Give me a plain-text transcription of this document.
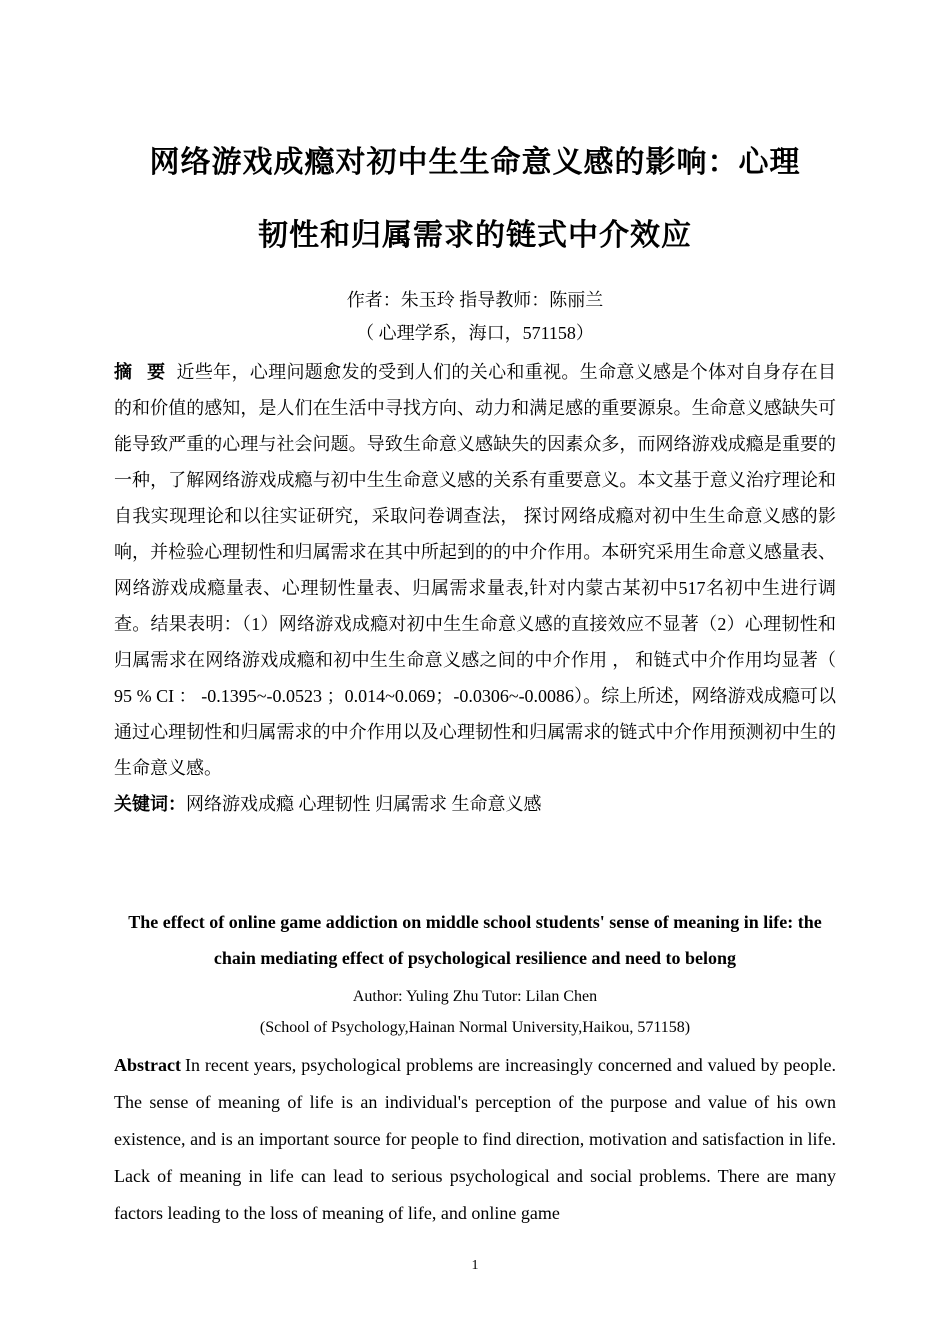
网络游戏成瘾对初中生生命意义感的影响：心理
韧性和归属需求的链式中介效应
作者：朱玉玲 指导教师：陈丽兰
（ 心理学系，海口，571158）

摘 要 近些年，心理问题愈发的受到人们的关心和重视。生命意义感是个体对自身存在目的和价值的感知，是人们在生活中寻找方向、动力和满足感的重要源泉。生命意义感缺失可能导致严重的心理与社会问题。导致生命意义感缺失的因素众多，而网络游戏成瘾是重要的一种，了解网络游戏成瘾与初中生生命意义感的关系有重要意义。本文基于意义治疗理论和自我实现理论和以往实证研究，采取问卷调查法， 探讨网络成瘾对初中生生命意义感的影响，并检验心理韧性和归属需求在其中所起到的的中介作用。本研究采用生命意义感量表、网络游戏成瘾量表、心理韧性量表、归属需求量表,针对内蒙古某初中517名初中生进行调查。结果表明：（1）网络游戏成瘾对初中生生命意义感的直接效应不显著（2）心理韧性和归属需求在网络游戏成瘾和初中生生命意义感之间的中介作用 ， 和链式中介作用均显著（ 95 % CI ： -0.1395~-0.0523 ；0.014~0.069；-0.0306~-0.0086）。综上所述，网络游戏成瘾可以通过心理韧性和归属需求的中介作用以及心理韧性和归属需求的链式中介作用预测初中生的生命意义感。

关键词：网络游戏成瘾 心理韧性 归属需求 生命意义感

The effect of online game addiction on middle school students' sense of meaning in life: the chain mediating effect of psychological resilience and need to belong
Author: Yuling Zhu Tutor: Lilan Chen
(School of Psychology,Hainan Normal University,Haikou, 571158)

Abstract In recent years, psychological problems are increasingly concerned and valued by people. The sense of meaning of life is an individual's perception of the purpose and value of his own existence, and is an important source for people to find direction, motivation and satisfaction in life. Lack of meaning in life can lead to serious psychological and social problems. There are many factors leading to the loss of meaning of life, and online game

1
